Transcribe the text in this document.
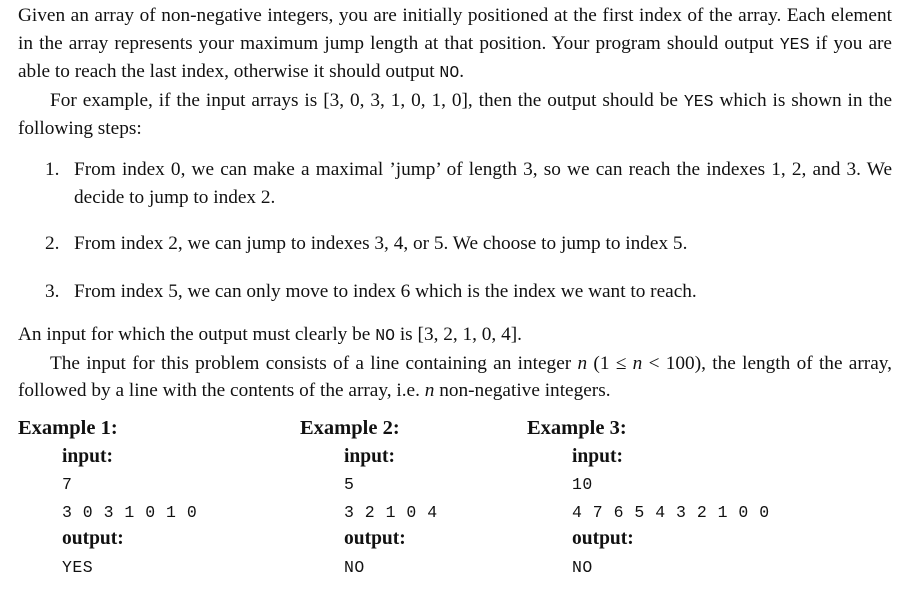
Given an array of non-negative integers, you are initially positioned at the first index of the array. Each element in the array represents your maximum jump length at that position. Your program should output YES if you are able to reach the last index, otherwise it should output NO.

For example, if the input arrays is [3, 0, 3, 1, 0, 1, 0], then the output should be YES which is shown in the following steps:

1. From index 0, we can make a maximal ’jump’ of length 3, so we can reach the indexes 1, 2, and 3. We decide to jump to index 2.

2. From index 2, we can jump to indexes 3, 4, or 5. We choose to jump to index 5.

3. From index 5, we can only move to index 6 which is the index we want to reach.

An input for which the output must clearly be NO is [3, 2, 1, 0, 4].

The input for this problem consists of a line containing an integer n (1 ≤ n < 100), the length of the array, followed by a line with the contents of the array, i.e. n non-negative integers.

Example 1:
input:
7
3 0 3 1 0 1 0
output:
YES
Example 2:
input:
5
3 2 1 0 4
output:
NO
Example 3:
input:
10
4 7 6 5 4 3 2 1 0 0
output:
NO
